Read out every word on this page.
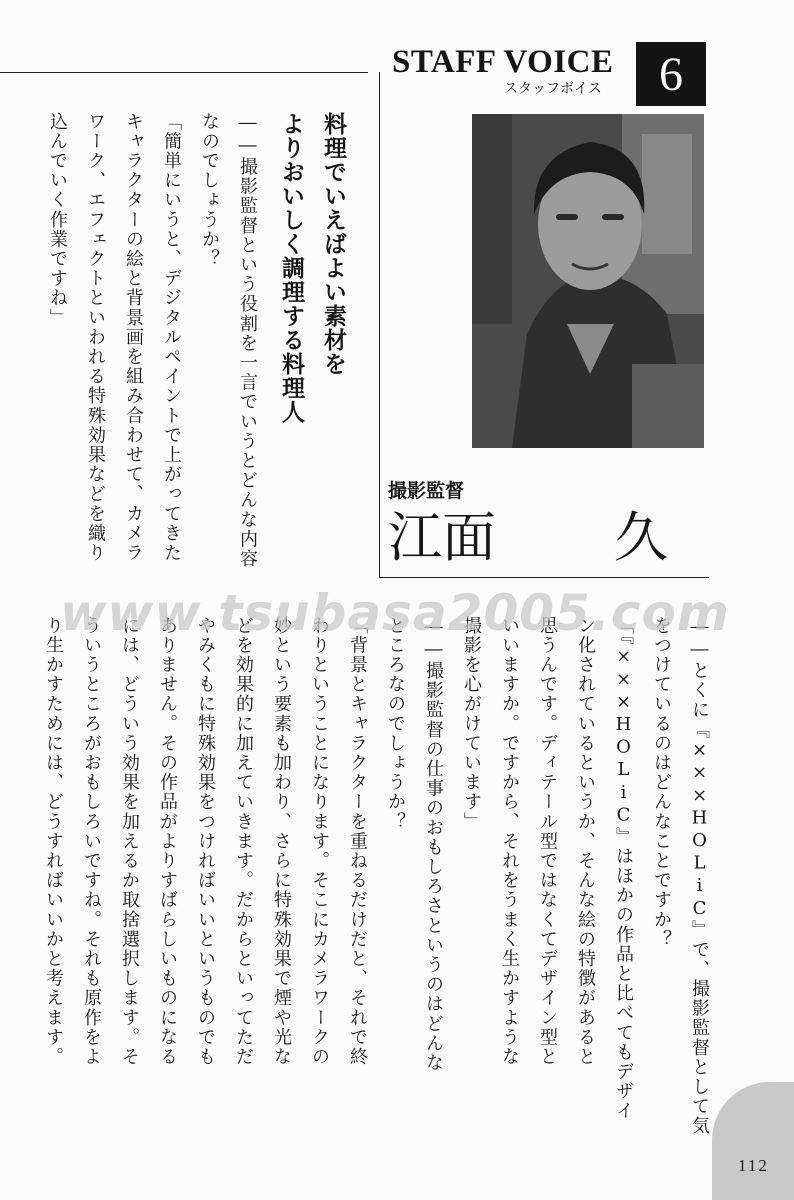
STAFF VOICE
スタッフボイス	6
撮影監督
江面 久
料理でいえばよい素材を
よりおいしく調理する料理人
――撮影監督という役割を一言でいうとどんな内容
なのでしょうか？
「簡単にいうと、デジタルペイントで上がってきた
キャラクターの絵と背景画を組み合わせて、カメラ
ワーク、エフェクトといわれる特殊効果などを織り
込んでいく作業ですね」
――とくに『×××HOLiC』で、撮影監督として気
をつけているのはどんなことですか？
「『×××HOLiC』はほかの作品と比べてもデザイ
ン化されているというか、そんな絵の特徴があると
思うんです。ディテール型ではなくてデザイン型と
いいますか。ですから、それをうまく生かすような
撮影を心がけています」
――撮影監督の仕事のおもしろさというのはどんな
ところなのでしょうか？
「背景とキャラクターを重ねるだけだと、それで終
わりということになります。そこにカメラワークの
妙という要素も加わり、さらに特殊効果で煙や光な
どを効果的に加えていきます。だからといってただ
やみくもに特殊効果をつければいいというものでも
ありません。その作品がよりすばらしいものになる
には、どういう効果を加えるか取捨選択します。そ
ういうところがおもしろいですね。それも原作をよ
り生かすためには、どうすればいいかと考えます。
www.tsubasa2005.com
112
